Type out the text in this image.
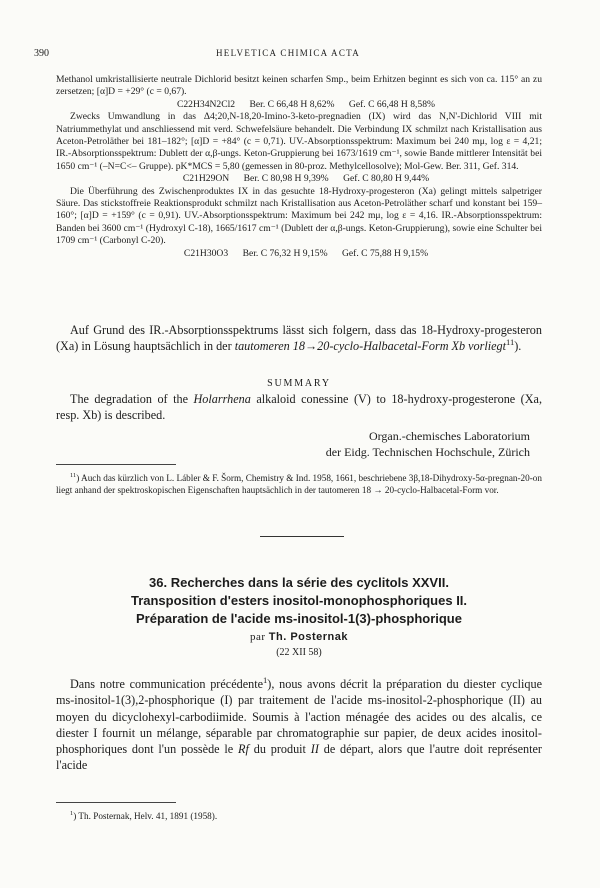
390	HELVETICA CHIMICA ACTA

Methanol umkristallisierte neutrale Dichlorid besitzt keinen scharfen Smp., beim Erhitzen beginnt es sich von ca. 115° an zu zersetzen; [α]D = +29° (c = 0,67).

C22H34N2Cl2 Ber. C 66,48 H 8,62% Gef. C 66,48 H 8,58%

Zwecks Umwandlung in das Δ4;20,N-18,20-Imino-3-keto-pregnadien (IX) wird das N,N'-Dichlorid VIII mit Natriummethylat und anschliessend mit verd. Schwefelsäure behandelt. Die Verbindung IX schmilzt nach Kristallisation aus Aceton-Petroläther bei 181–182°; [α]D = +84° (c = 0,71). UV.-Absorptionsspektrum: Maximum bei 240 mμ, log ε = 4,21; IR.-Absorptionsspektrum: Dublett der α,β-ungs. Keton-Gruppierung bei 1673/1619 cm⁻¹, sowie Bande mittlerer Intensität bei 1650 cm⁻¹ (–N=C<– Gruppe). pK*MCS = 5,80 (gemessen in 80-proz. Methylcellosolve); Mol-Gew. Ber. 311, Gef. 314.

C21H29ON Ber. C 80,98 H 9,39% Gef. C 80,80 H 9,44%

Die Überführung des Zwischenproduktes IX in das gesuchte 18-Hydroxy-progesteron (Xa) gelingt mittels salpetriger Säure. Das stickstoffreie Reaktionsprodukt schmilzt nach Kristallisation aus Aceton-Petroläther scharf und konstant bei 159–160°; [α]D = +159° (c = 0,91). UV.-Absorptionsspektrum: Maximum bei 242 mμ, log ε = 4,16. IR.-Absorptionsspektrum: Banden bei 3600 cm⁻¹ (Hydroxyl C-18), 1665/1617 cm⁻¹ (Dublett der α,β-ungs. Keton-Gruppierung), sowie eine Schulter bei 1709 cm⁻¹ (Carbonyl C-20).

C21H30O3 Ber. C 76,32 H 9,15% Gef. C 75,88 H 9,15%

Auf Grund des IR.-Absorptionsspektrums lässt sich folgern, dass das 18-Hydroxy-progesteron (Xa) in Lösung hauptsächlich in der tautomeren 18→20-cyclo-Halbacetal-Form Xb vorliegt$^{11}$).

SUMMARY

The degradation of the Holarrhena alkaloid conessine (V) to 18-hydroxy-progesterone (Xa, resp. Xb) is described.

Organ.-chemisches Laboratorium
der Eidg. Technischen Hochschule, Zürich

$^{11}$) Auch das kürzlich von L. Lábler & F. Šorm, Chemistry & Ind. 1958, 1661, beschriebene 3β,18-Dihydroxy-5α-pregnan-20-on liegt anhand der spektroskopischen Eigenschaften hauptsächlich in der tautomeren 18 → 20-cyclo-Halbacetal-Form vor.

36. Recherches dans la série des cyclitols XXVII.
Transposition d'esters inositol-monophosphoriques II.
Préparation de l'acide ms-inositol-1(3)-phosphorique
par Th. Posternak
(22 XII 58)

Dans notre communication précédente$^1$), nous avons décrit la préparation du diester cyclique ms-inositol-1(3),2-phosphorique (I) par traitement de l'acide ms-inositol-2-phosphorique (II) au moyen du dicyclohexyl-carbodiimide. Soumis à l'action ménagée des acides ou des alcalis, ce diester I fournit un mélange, séparable par chromatographie sur papier, de deux acides inositol-phosphoriques dont l'un possède le Rf du produit II de départ, alors que l'autre doit représenter l'acide

$^1$) Th. Posternak, Helv. 41, 1891 (1958).
